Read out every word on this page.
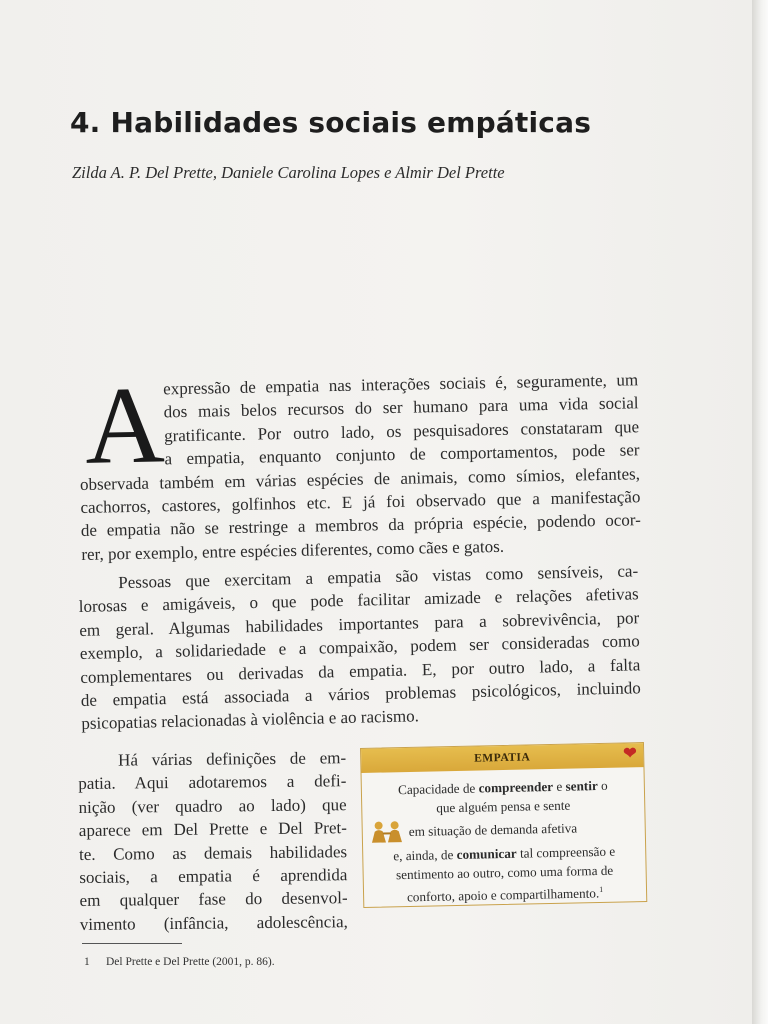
4. Habilidades sociais empáticas

Zilda A. P. Del Prette, Daniele Carolina Lopes e Almir Del Prette

A
expressão de empatia nas interações sociais é, seguramente, um
dos mais belos recursos do ser humano para uma vida social
gratificante. Por outro lado, os pesquisadores constataram que
a empatia, enquanto conjunto de comportamentos, pode ser
observada também em várias espécies de animais, como símios, elefantes,
cachorros, castores, golfinhos etc. E já foi observado que a manifestação
de empatia não se restringe a membros da própria espécie, podendo ocor-
rer, por exemplo, entre espécies diferentes, como cães e gatos.
Pessoas que exercitam a empatia são vistas como sensíveis, ca-
lorosas e amigáveis, o que pode facilitar amizade e relações afetivas
em geral. Algumas habilidades importantes para a sobrevivência, por
exemplo, a solidariedade e a compaixão, podem ser consideradas como
complementares ou derivadas da empatia. E, por outro lado, a falta
de empatia está associada a vários problemas psicológicos, incluindo
psicopatias relacionadas à violência e ao racismo.
Há várias definições de em-
patia. Aqui adotaremos a defi-
nição (ver quadro ao lado) que
aparece em Del Prette e Del Pret-
te. Como as demais habilidades
sociais, a empatia é aprendida
em qualquer fase do desenvol-
vimento (infância, adolescência,
EMPATIA	❤
Capacidade de compreender e sentir o
que alguém pensa e sente
em situação de demanda afetiva
e, ainda, de comunicar tal compreensão e
sentimento ao outro, como uma forma de
conforto, apoio e compartilhamento.$^1$

1 Del Prette e Del Prette (2001, p. 86).
